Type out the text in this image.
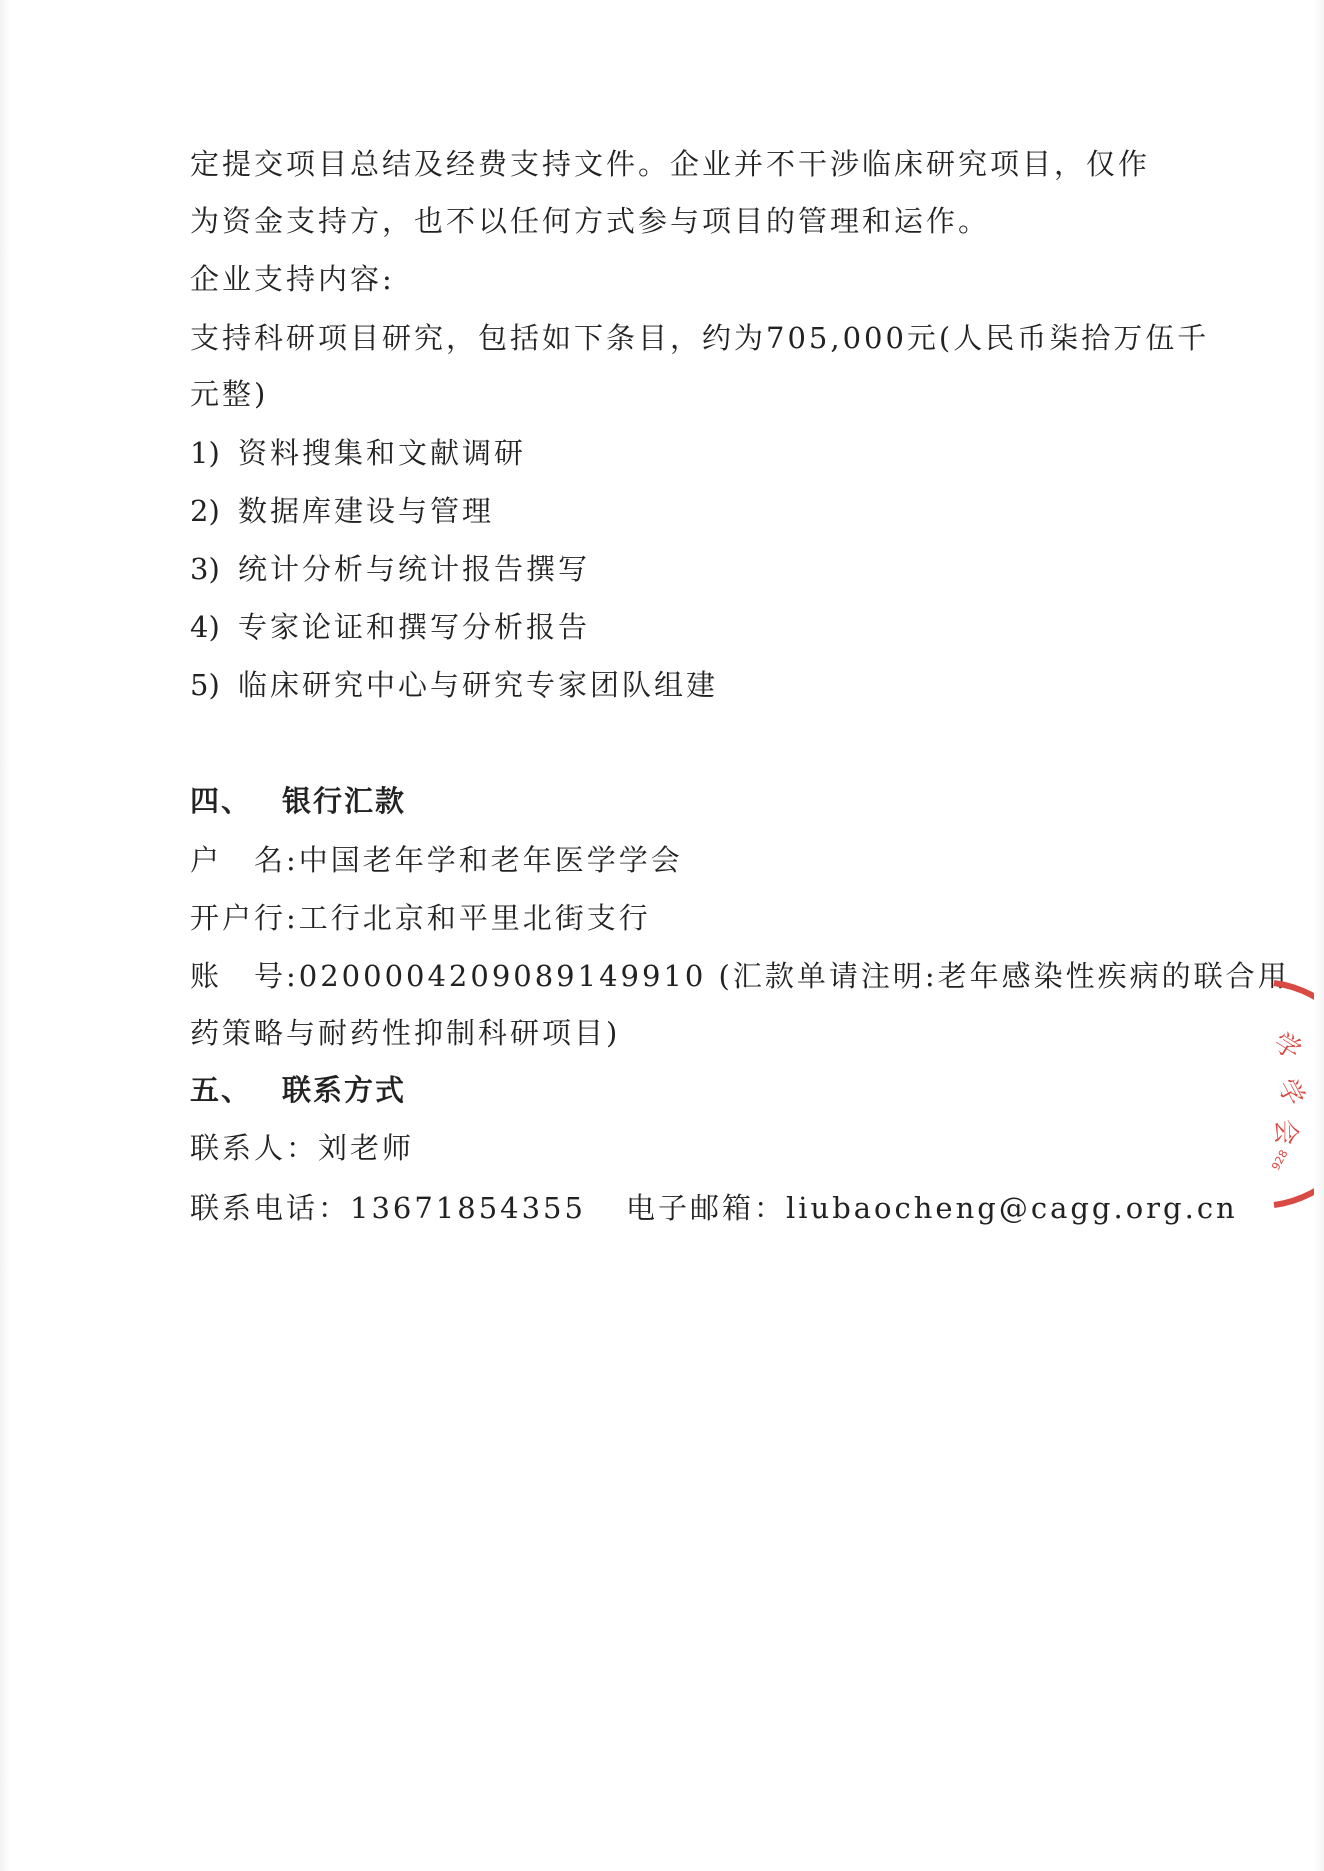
定提交项目总结及经费支持文件。企业并不干涉临床研究项目，仅作
为资金支持方，也不以任何方式参与项目的管理和运作。
企业支持内容:
支持科研项目研究，包括如下条目，约为705,000元(人民币柒拾万伍千
元整)
1) 资料搜集和文献调研
2) 数据库建设与管理
3) 统计分析与统计报告撰写
4) 专家论证和撰写分析报告
5) 临床研究中心与研究专家团队组建
四、 银行汇款
户　名:中国老年学和老年医学学会
开户行:工行北京和平里北街支行
账　号:0200004209089149910 (汇款单请注明:老年感染性疾病的联合用
药策略与耐药性抑制科研项目)
五、 联系方式
联系人：刘老师
联系电话：13671854355 电子邮箱：liubaocheng@cagg.org.cn
学
学
会
928
